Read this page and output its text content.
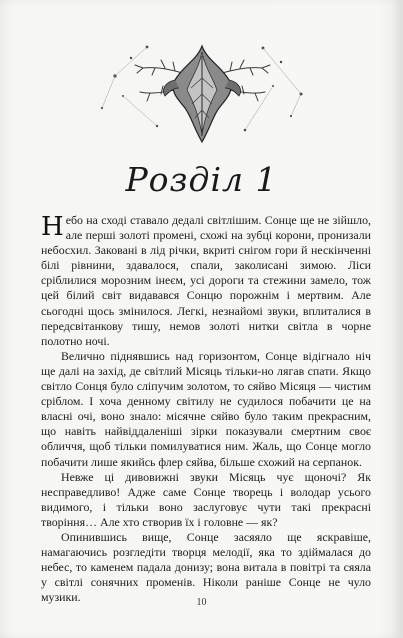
Розділ 1

Небо на сході ставало дедалі світлішим. Сонце ще не зійшло, але перші золоті промені, схожі на зубці корони, пронизали небосхил. Заковані в лід річки, вкриті снігом гори й нескінченні білі рівнини, здавалося, спали, заколисані зимою. Ліси сріблилися морозним інеєм, усі дороги та стежини замело, тож цей білий світ видавався Сонцю порожнім і мертвим. Але сьогодні щось змінилося. Легкі, незнайомі звуки, вплиталися в передсвітанкову тишу, немов золоті нитки світла в чорне полотно ночі.

Велично піднявшись над горизонтом, Сонце відігнало ніч ще далі на захід, де світлий Місяць тільки-но лягав спати. Якщо світло Сонця було сліпучим золотом, то сяйво Місяця — чистим сріблом. І хоча денному світилу не судилося побачити це на власні очі, воно знало: місячне сяйво було таким прекрасним, що навіть найвіддаленіші зірки показували смертним своє обличчя, щоб тільки помилуватися ним. Жаль, що Сонце могло побачити лише якийсь флер сяйва, більше схожий на серпанок.

Невже ці дивовижні звуки Місяць чує щоночі? Як несправедливо! Адже саме Сонце творець і володар усього видимого, і тільки воно заслуговує чути такі прекрасні творіння… Але хто створив їх і головне — як?

Опинившись вище, Сонце засяяло ще яскравіше, намагаючись розгледіти творця мелодії, яка то здіймалася до небес, то каменем падала донизу; вона витала в повітрі та сяяла у світлі сонячних променів. Ніколи раніше Сонце не чуло музики.	10
